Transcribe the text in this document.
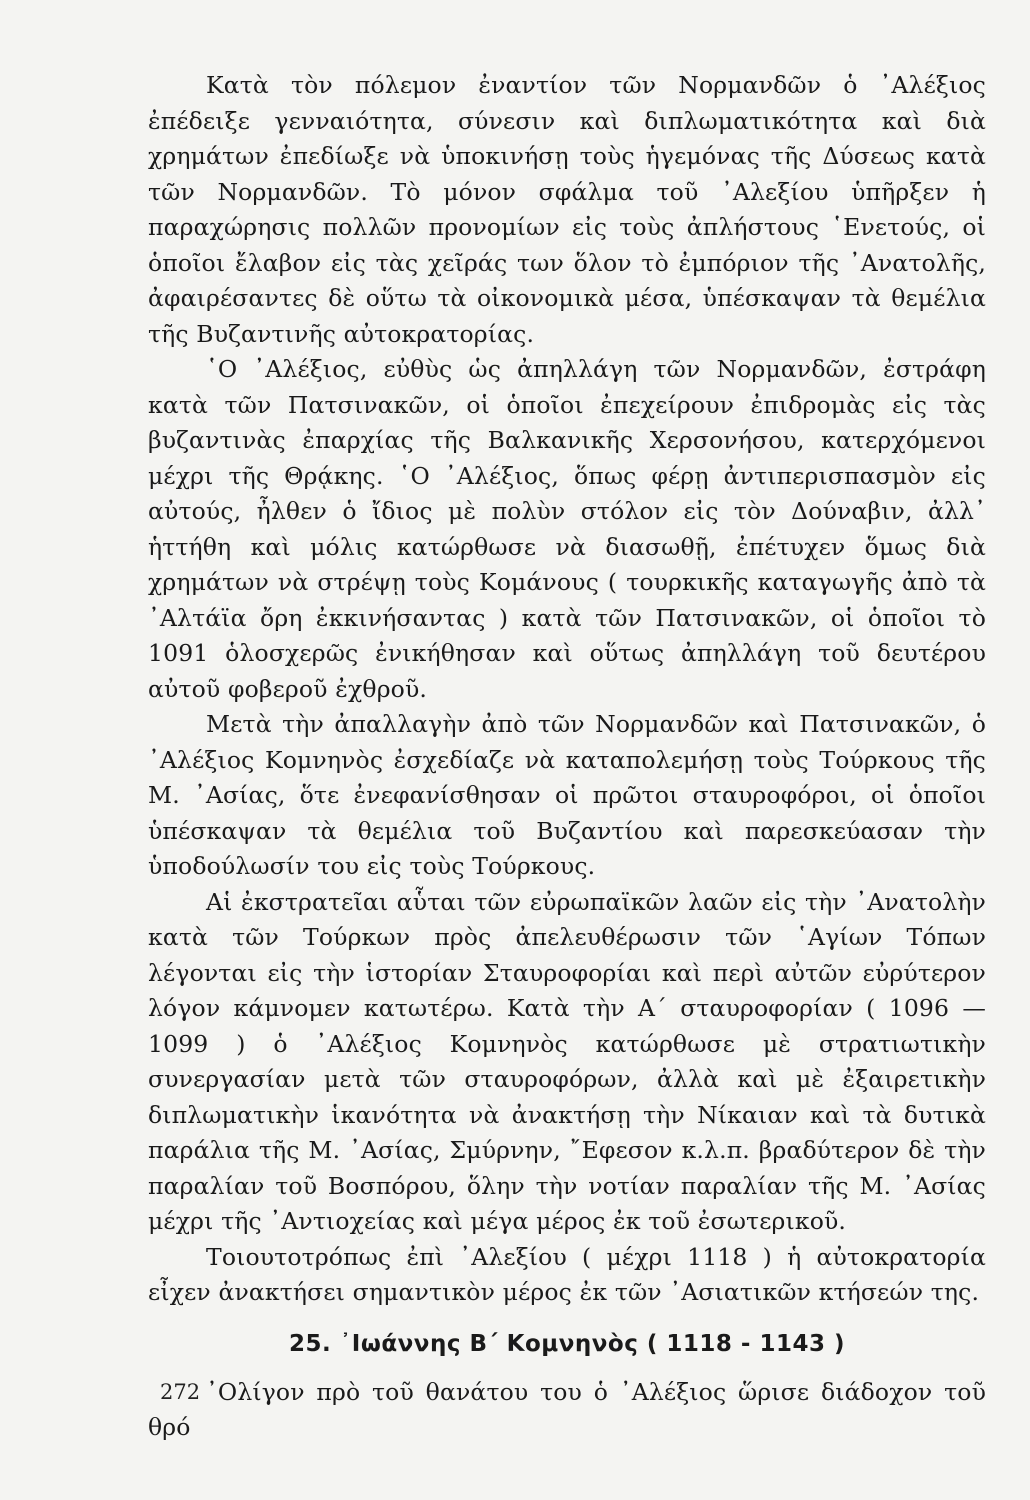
Κατὰ τὸν πόλεμον ἐναντίον τῶν Νορμανδῶν ὁ ᾿Αλέξιος ἐπέδειξε γενναιότητα, σύνεσιν καὶ διπλωματικότητα καὶ διὰ χρημάτων ἐπεδίωξε νὰ ὑποκινήσῃ τοὺς ἡγεμόνας τῆς Δύσεως κατὰ τῶν Νορμανδῶν. Τὸ μόνον σφάλμα τοῦ ᾿Αλεξίου ὑπῆρξεν ἡ παραχώρησις πολλῶν προνομίων εἰς τοὺς ἀπλήστους ῾Ενετούς, οἱ ὁποῖοι ἔλαβον εἰς τὰς χεῖράς των ὅλον τὸ ἐμπόριον τῆς ᾿Ανατολῆς, ἀφαιρέσαντες δὲ οὕτω τὰ οἰκονομικὰ μέσα, ὑπέσκαψαν τὰ θεμέλια τῆς Βυζαντινῆς αὐτοκρατορίας.

῾Ο ᾿Αλέξιος, εὐθὺς ὡς ἀπηλλάγη τῶν Νορμανδῶν, ἐστράφη κατὰ τῶν Πατσινακῶν, οἱ ὁποῖοι ἐπεχείρουν ἐπιδρομὰς εἰς τὰς βυζαντινὰς ἐπαρχίας τῆς Βαλκανικῆς Χερσονήσου, κατερχόμενοι μέχρι τῆς Θρᾴκης. ῾Ο ᾿Αλέξιος, ὅπως φέρῃ ἀντιπερισπασμὸν εἰς αὐτούς, ἦλθεν ὁ ἴδιος μὲ πολὺν στόλον εἰς τὸν Δούναβιν, ἀλλ᾿ ἡττήθη καὶ μόλις κατώρθωσε νὰ διασωθῇ, ἐπέτυχεν ὅμως διὰ χρημάτων νὰ στρέψῃ τοὺς Κομάνους ( τουρκικῆς καταγωγῆς ἀπὸ τὰ ᾿Αλτάϊα ὄρη ἐκκινήσαντας ) κατὰ τῶν Πατσινακῶν, οἱ ὁποῖοι τὸ 1091 ὁλοσχερῶς ἐνικήθησαν καὶ οὕτως ἀπηλλάγη τοῦ δευτέρου αὐτοῦ φοβεροῦ ἐχθροῦ.

Μετὰ τὴν ἀπαλλαγὴν ἀπὸ τῶν Νορμανδῶν καὶ Πατσινακῶν, ὁ ᾿Αλέξιος Κομνηνὸς ἐσχεδίαζε νὰ καταπολεμήσῃ τοὺς Τούρκους τῆς Μ. ᾿Ασίας, ὅτε ἐνεφανίσθησαν οἱ πρῶτοι σταυροφόροι, οἱ ὁποῖοι ὑπέσκαψαν τὰ θεμέλια τοῦ Βυζαντίου καὶ παρεσκεύασαν τὴν ὑποδούλωσίν του εἰς τοὺς Τούρκους.

Αἱ ἐκστρατεῖαι αὗται τῶν εὐρωπαϊκῶν λαῶν εἰς τὴν ᾿Ανατολὴν κατὰ τῶν Τούρκων πρὸς ἀπελευθέρωσιν τῶν ῾Αγίων Τόπων λέγονται εἰς τὴν ἱστορίαν Σταυροφορίαι καὶ περὶ αὐτῶν εὐρύτερον λόγον κάμνομεν κατωτέρω. Κατὰ τὴν Α΄ σταυροφορίαν ( 1096 — 1099 ) ὁ ᾿Αλέξιος Κομνηνὸς κατώρθωσε μὲ στρατιωτικὴν συνεργασίαν μετὰ τῶν σταυροφόρων, ἀλλὰ καὶ μὲ ἐξαιρετικὴν διπλωματικὴν ἱκανότητα νὰ ἀνακτήσῃ τὴν Νίκαιαν καὶ τὰ δυτικὰ παράλια τῆς Μ. ᾿Ασίας, Σμύρνην, ῎Εφεσον κ.λ.π. βραδύτερον δὲ τὴν παραλίαν τοῦ Βοσπόρου, ὅλην τὴν νοτίαν παραλίαν τῆς Μ. ᾿Ασίας μέχρι τῆς ᾿Αντιοχείας καὶ μέγα μέρος ἐκ τοῦ ἐσωτερικοῦ.

Τοιουτοτρόπως ἐπὶ ᾿Αλεξίου ( μέχρι 1118 ) ἡ αὐτοκρατορία εἶχεν ἀνακτήσει σημαντικὸν μέρος ἐκ τῶν ᾿Ασιατικῶν κτήσεών της.

25. ᾿Ιωάννης Β΄ Κομνηνὸς ( 1118 - 1143 )

᾿Ολίγον πρὸ τοῦ θανάτου του ὁ ᾿Αλέξιος ὥρισε διάδοχον τοῦ θρό

272
